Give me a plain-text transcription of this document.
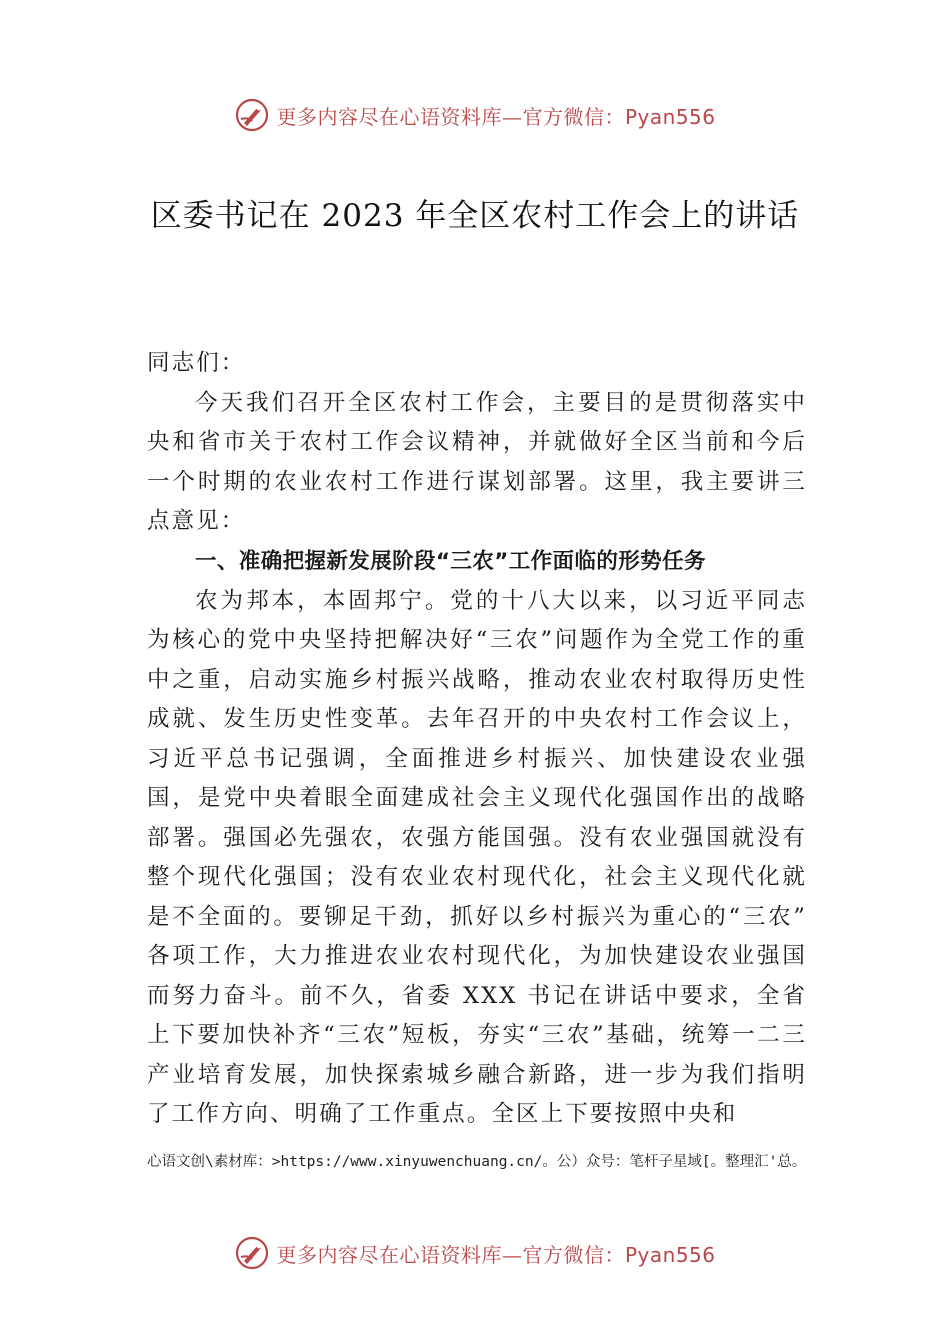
更多内容尽在心语资料库—官方微信：Pyan556
区委书记在 2023 年全区农村工作会上的讲话

同志们：

今天我们召开全区农村工作会，主要目的是贯彻落实中央和省市关于农村工作会议精神，并就做好全区当前和今后一个时期的农业农村工作进行谋划部署。这里，我主要讲三点意见：

一、准确把握新发展阶段“三农”工作面临的形势任务

农为邦本，本固邦宁。党的十八大以来，以习近平同志为核心的党中央坚持把解决好“三农”问题作为全党工作的重中之重，启动实施乡村振兴战略，推动农业农村取得历史性成就、发生历史性变革。去年召开的中央农村工作会议上，习近平总书记强调，全面推进乡村振兴、加快建设农业强国，是党中央着眼全面建成社会主义现代化强国作出的战略部署。强国必先强农，农强方能国强。没有农业强国就没有整个现代化强国；没有农业农村现代化，社会主义现代化就是不全面的。要铆足干劲，抓好以乡村振兴为重心的“三农” 各项工作，大力推进农业农村现代化，为加快建设农业强国而努力奋斗。前不久，省委 XXX 书记在讲话中要求，全省上下要加快补齐“三农”短板，夯实“三农”基础，统筹一二三产业培育发展，加快探索城乡融合新路，进一步为我们指明了工作方向、明确了工作重点。全区上下要按照中央和

心语文创\素材库：>https://www.xinyuwenchuang.cn/。公）众号：笔杆子星域[。整理汇'总。
更多内容尽在心语资料库—官方微信：Pyan556
